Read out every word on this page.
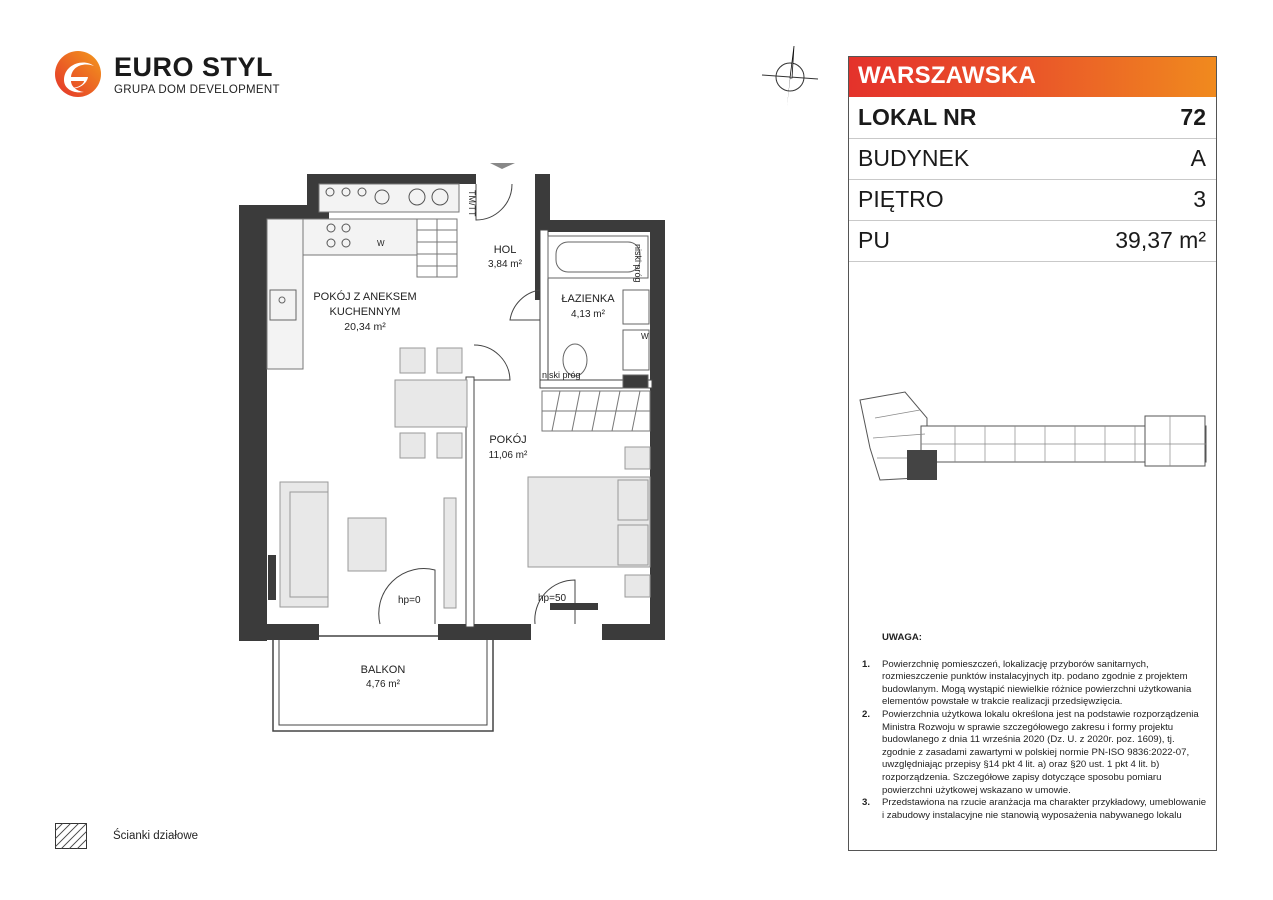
EURO STYL
GRUPA DOM DEVELOPMENT
POKÓJ Z ANEKSEM
KUCHENNYM
20,34 m²
HOL
3,84 m²
ŁAZIENKA
4,13 m²
POKÓJ
11,06 m²
BALKON
4,76 m²
niski próg
niski próg
hp=0	hp=50
TM/TT
W
W
WARSZAWSKA
LOKAL NR	72
BUDYNEK	A
PIĘTRO	3
PU	39,37 m²
UWAGA:
1. Powierzchnię pomieszczeń, lokalizację przyborów sanitarnych, rozmieszczenie punktów instalacyjnych itp. podano zgodnie z projektem budowlanym. Mogą wystąpić niewielkie różnice powierzchni użytkowania elementów powstałe w trakcie realizacji przedsięwzięcia.
2. Powierzchnia użytkowa lokalu określona jest na podstawie rozporządzenia Ministra Rozwoju w sprawie szczegółowego zakresu i formy projektu budowlanego z dnia 11 września 2020 (Dz. U. z 2020r. poz. 1609), tj. zgodnie z zasadami zawartymi w polskiej normie PN-ISO 9836:2022-07, uwzględniając przepisy §14 pkt 4 lit. a) oraz §20 ust. 1 pkt 4 lit. b) rozporządzenia. Szczegółowe zapisy dotyczące sposobu pomiaru powierzchni użytkowej wskazano w umowie.
3. Przedstawiona na rzucie aranżacja ma charakter przykładowy, umeblowanie i zabudowy instalacyjne nie stanowią wyposażenia nabywanego lokalu
Ścianki działowe
